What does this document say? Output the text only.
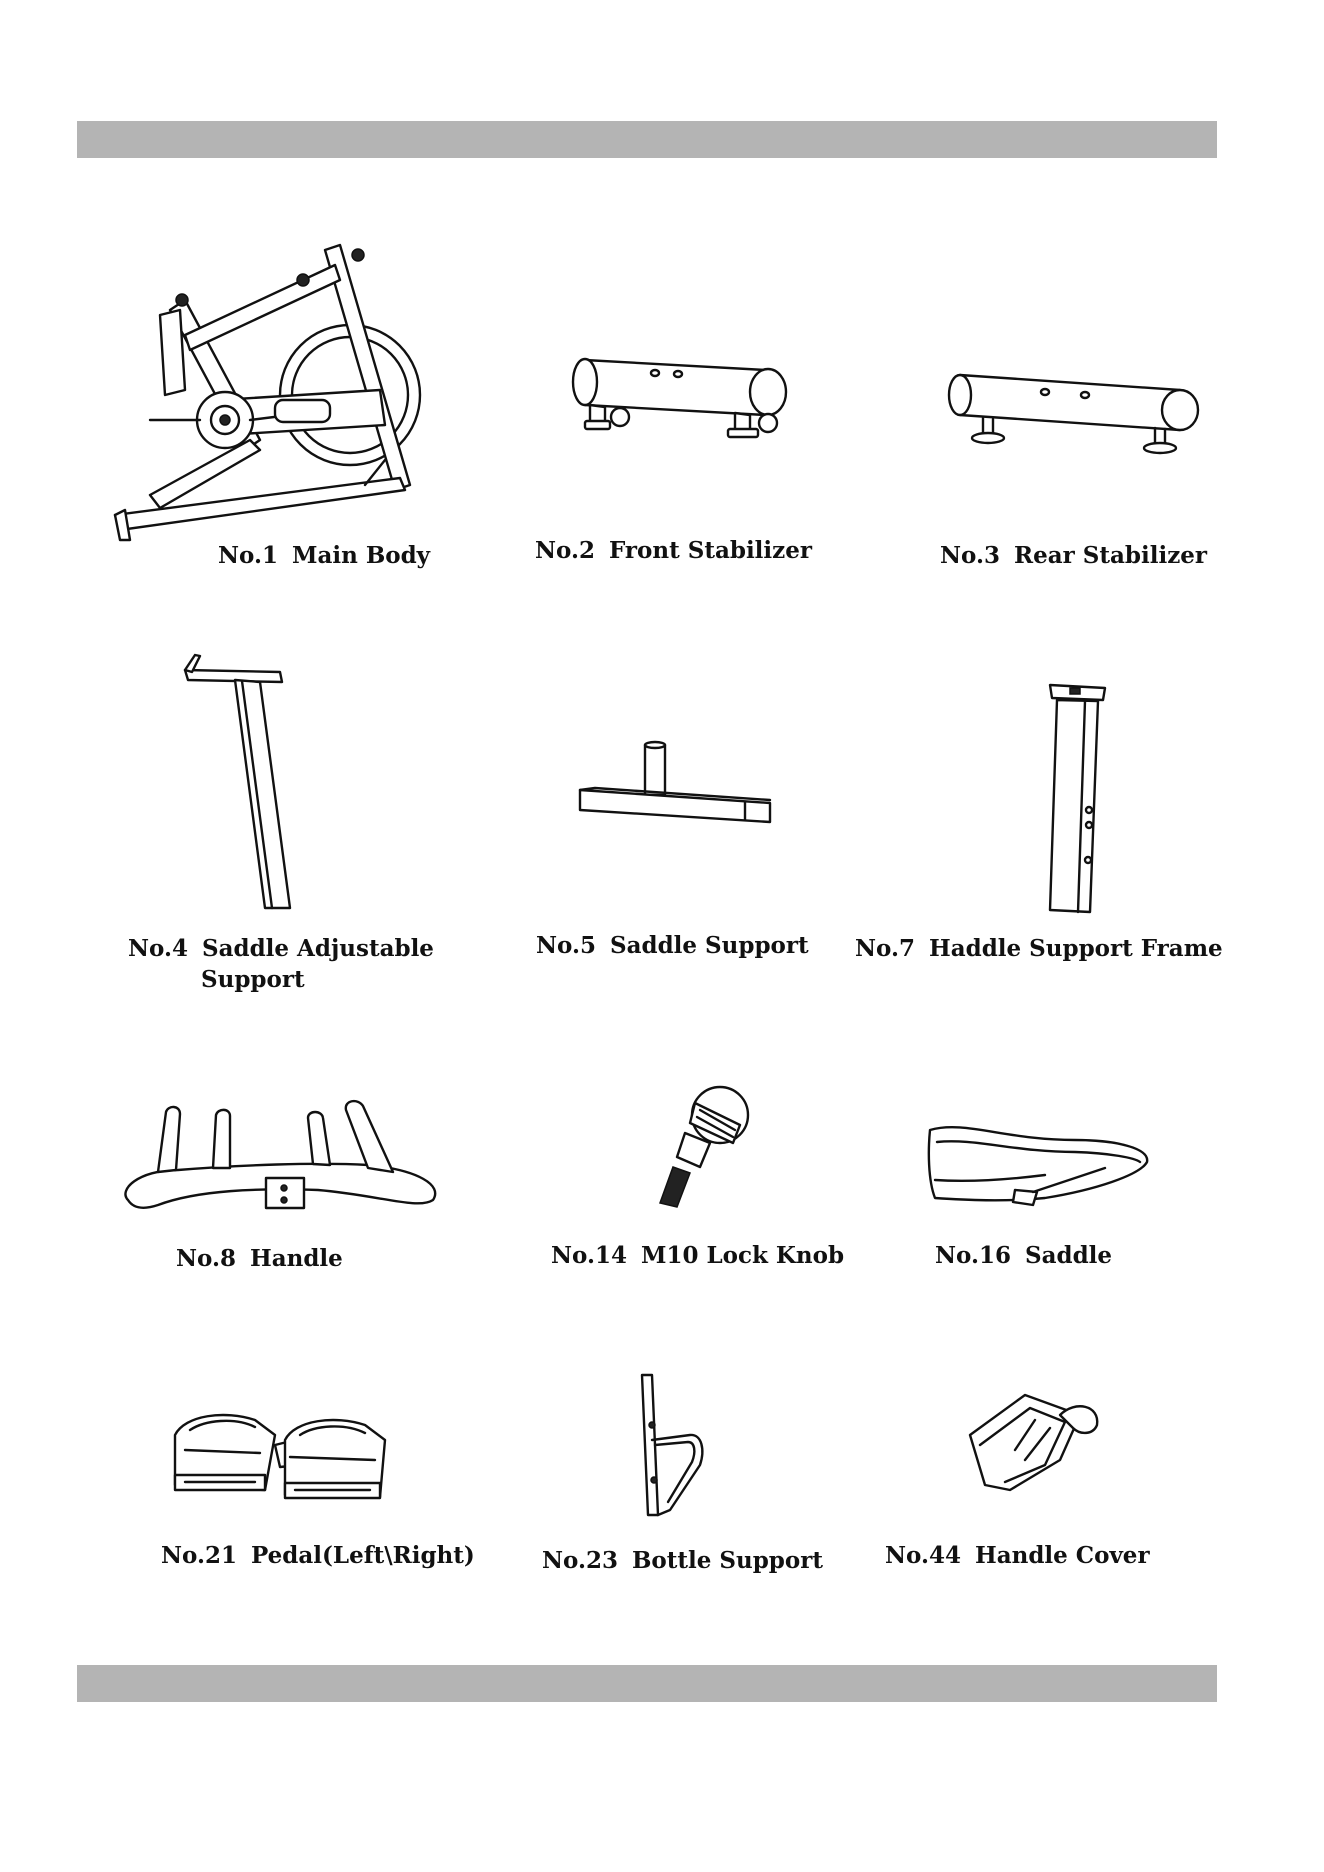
No.1 Main Body	No.2 Front Stabilizer	No.3 Rear Stabilizer
No.4 Saddle Adjustable
Support
No.5 Saddle Support No.7 Haddle Support Frame
No.8 Handle	No.14 M10 Lock Knob	No.16 Saddle
No.21 Pedal(Left\Right)	No.23 Bottle Support	No.44 Handle Cover
